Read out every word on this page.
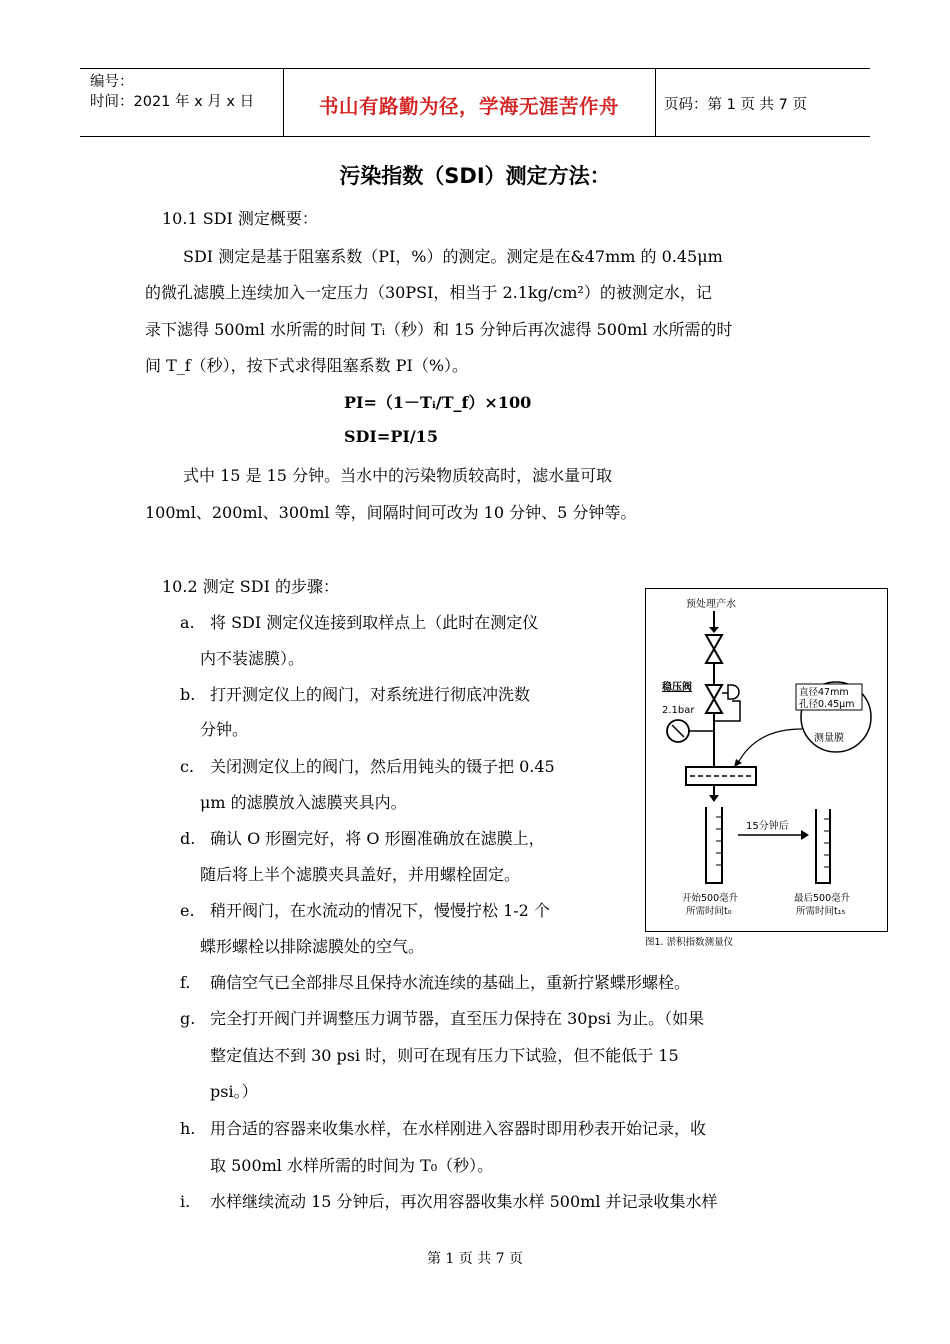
编号：
时间：2021 年 x 月 x 日	书山有路勤为径，学海无涯苦作舟	页码：第 1 页 共 7 页
污染指数（SDI）测定方法：
10.1 SDI 测定概要：
SDI 测定是基于阻塞系数（PI，%）的测定。测定是在&47mm 的 0.45μm
的微孔滤膜上连续加入一定压力（30PSI，相当于 2.1kg/cm²）的被测定水，记
录下滤得 500ml 水所需的时间 Tᵢ（秒）和 15 分钟后再次滤得 500ml 水所需的时
间 T_f（秒），按下式求得阻塞系数 PI（%）。
PI=（1－Tᵢ/T_f）×100
SDI=PI/15
式中 15 是 15 分钟。当水中的污染物质较高时，滤水量可取
100ml、200ml、300ml 等，间隔时间可改为 10 分钟、5 分钟等。
10.2 测定 SDI 的步骤：
a. 将 SDI 测定仪连接到取样点上（此时在测定仪
内不装滤膜）。
b. 打开测定仪上的阀门，对系统进行彻底冲洗数
分钟。
c. 关闭测定仪上的阀门，然后用钝头的镊子把 0.45
μm 的滤膜放入滤膜夹具内。
d. 确认 O 形圈完好，将 O 形圈准确放在滤膜上，
随后将上半个滤膜夹具盖好，并用螺栓固定。
e. 稍开阀门，在水流动的情况下，慢慢拧松 1-2 个
蝶形螺栓以排除滤膜处的空气。
f. 确信空气已全部排尽且保持水流连续的基础上，重新拧紧蝶形螺栓。
g. 完全打开阀门并调整压力调节器，直至压力保持在 30psi 为止。（如果
整定值达不到 30 psi 时，则可在现有压力下试验，但不能低于 15
psi。）
h. 用合适的容器来收集水样，在水样刚进入容器时即用秒表开始记录，收
取 500ml 水样所需的时间为 T₀（秒）。
i. 水样继续流动 15 分钟后，再次用容器收集水样 500ml 并记录收集水样
预处理产水
稳压阀
2.1bar
直径47mm
孔径0.45μm
测量膜
15分钟后
开始500毫升
所需时间t₀
最后500毫升
所需时间t₁₅
图1. 淤积指数测量仪
第 1 页 共 7 页
